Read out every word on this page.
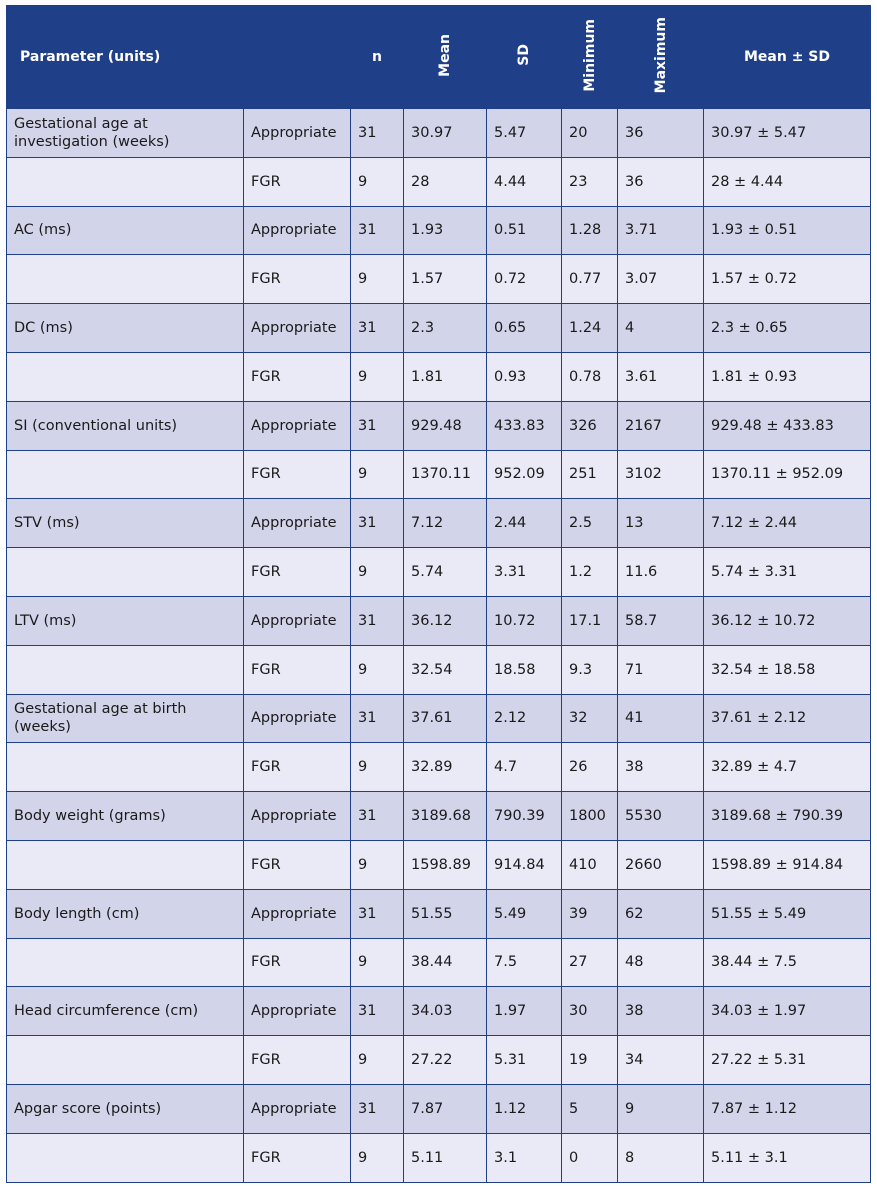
Parameter (units)		n	Mean	SD	Minimum	Maximum	Mean ± SD
Gestational age at investigation (weeks)	Appropriate	31	30.97	5.47	20	36	30.97 ± 5.47
	FGR	9	28	4.44	23	36	28 ± 4.44
AC (ms)	Appropriate	31	1.93	0.51	1.28	3.71	1.93 ± 0.51
	FGR	9	1.57	0.72	0.77	3.07	1.57 ± 0.72
DC (ms)	Appropriate	31	2.3	0.65	1.24	4	2.3 ± 0.65
	FGR	9	1.81	0.93	0.78	3.61	1.81 ± 0.93
SI (conventional units)	Appropriate	31	929.48	433.83	326	2167	929.48 ± 433.83
	FGR	9	1370.11	952.09	251	3102	1370.11 ± 952.09
STV (ms)	Appropriate	31	7.12	2.44	2.5	13	7.12 ± 2.44
	FGR	9	5.74	3.31	1.2	11.6	5.74 ± 3.31
LTV (ms)	Appropriate	31	36.12	10.72	17.1	58.7	36.12 ± 10.72
	FGR	9	32.54	18.58	9.3	71	32.54 ± 18.58
Gestational age at birth (weeks)	Appropriate	31	37.61	2.12	32	41	37.61 ± 2.12
	FGR	9	32.89	4.7	26	38	32.89 ± 4.7
Body weight (grams)	Appropriate	31	3189.68	790.39	1800	5530	3189.68 ± 790.39
	FGR	9	1598.89	914.84	410	2660	1598.89 ± 914.84
Body length (cm)	Appropriate	31	51.55	5.49	39	62	51.55 ± 5.49
	FGR	9	38.44	7.5	27	48	38.44 ± 7.5
Head circumference (cm)	Appropriate	31	34.03	1.97	30	38	34.03 ± 1.97
	FGR	9	27.22	5.31	19	34	27.22 ± 5.31
Apgar score (points)	Appropriate	31	7.87	1.12	5	9	7.87 ± 1.12
	FGR	9	5.11	3.1	0	8	5.11 ± 3.1
